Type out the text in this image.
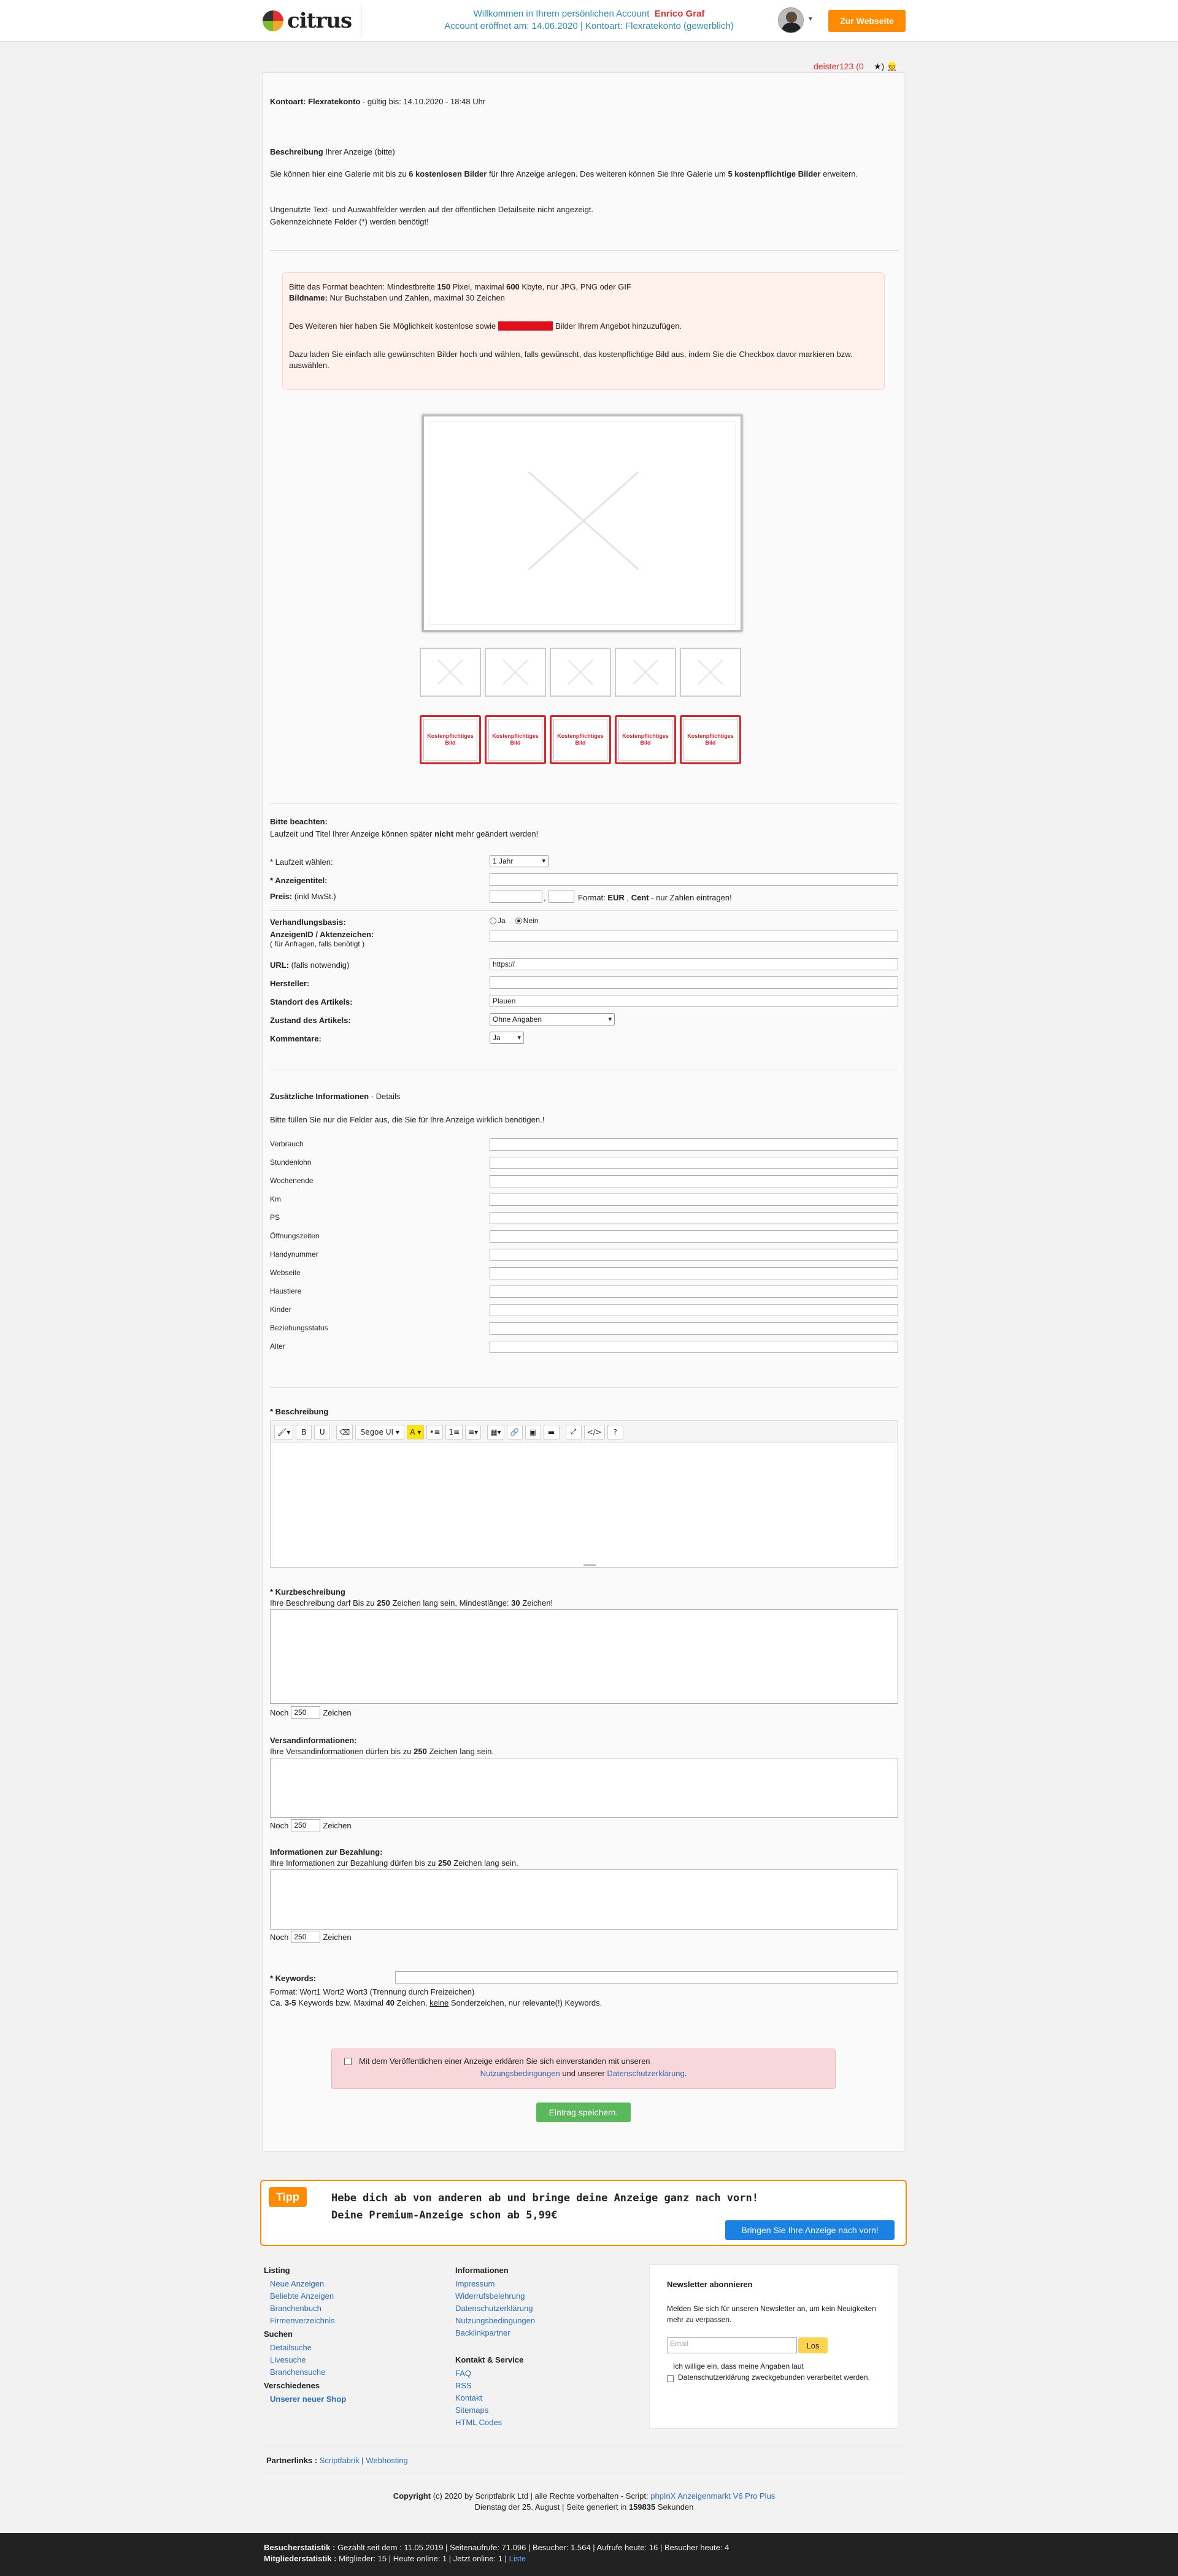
citrus	Willkommen in Ihrem persönlichen Account Enrico Graf
Account eröffnet am: 14.06.2020 | Kontoart: Flexratekonto (gewerblich)
▼	Zur Webseite
deister123 (0 ★) 👷
Kontoart: Flexratekonto - gültig bis: 14.10.2020 - 18:48 Uhr
Beschreibung Ihrer Anzeige (bitte)
Sie können hier eine Galerie mit bis zu 6 kostenlosen Bilder für Ihre Anzeige anlegen. Des weiteren können Sie Ihre Galerie um 5 kostenpflichtige Bilder erweitern.
Ungenutzte Text- und Auswahlfelder werden auf der öffentlichen Detailseite nicht angezeigt.
Gekennzeichnete Felder (*) werden benötigt!
Bitte das Format beachten: Mindestbreite 150 Pixel, maximal 600 Kbyte, nur JPG, PNG oder GIF
Bildname: Nur Buchstaben und Zahlen, maximal 30 Zeichen
Des Weiteren hier haben Sie Möglichkeit kostenlose sowie kostenpflichtige Bilder Ihrem Angebot hinzuzufügen.
Dazu laden Sie einfach alle gewünschten Bilder hoch und wählen, falls gewünscht, das kostenpflichtige Bild aus, indem Sie die Checkbox davor markieren bzw. auswählen.
Kostenpflichtiges Bild
Kostenpflichtiges Bild
Kostenpflichtiges Bild
Kostenpflichtiges Bild
Kostenpflichtiges Bild
Bitte beachten:
Laufzeit und Titel Ihrer Anzeige können später nicht mehr geändert werden!
* Laufzeit wählen:	1 Jahr ▾
* Anzeigentitel:
Preis: (inkl MwSt.)	,	Format: EUR , Cent - nur Zahlen eintragen!
Verhandlungsbasis:	Ja Nein
AnzeigenID / Aktenzeichen:
( für Anfragen, falls benötigt )
URL: (falls notwendig)	https://
Hersteller:
Standort des Artikels:	Plauen
Zustand des Artikels:	Ohne Angaben ▾
Kommentare:	Ja ▾
Zusätzliche Informationen - Details
Bitte füllen Sie nur die Felder aus, die Sie für Ihre Anzeige wirklich benötigen.!
Verbrauch
Stundenlohn
Wochenende
Km
PS
Öffnungszeiten
Handynummer
Webseite
Haustiere
Kinder
Beziehungsstatus
Alter
* Beschreibung
🖌▾	B	U	⌫	Segoe UI ▾	A ▾	•≡	1≡	≡▾	▦▾	🔗	▣	▬	⤢	</>	?
* Kurzbeschreibung
Ihre Beschreibung darf Bis zu 250 Zeichen lang sein, Mindestlänge: 30 Zeichen!
Noch 250	Zeichen
Versandinformationen:
Ihre Versandinformationen dürfen bis zu 250 Zeichen lang sein.
Noch 250	Zeichen
Informationen zur Bezahlung:
Ihre Informationen zur Bezahlung dürfen bis zu 250 Zeichen lang sein.
Noch 250	Zeichen
* Keywords:
Format: Wort1 Wort2 Wort3 (Trennung durch Freizeichen)
Ca. 3-5 Keywords bzw. Maximal 40 Zeichen, keine Sonderzeichen, nur relevante(!) Keywords.
Mit dem Veröffentlichen einer Anzeige erklären Sie sich einverstanden mit unseren
Nutzungsbedingungen und unserer Datenschutzerklärung.
Eintrag speichern.
Tipp	Hebe dich ab von anderen ab und bringe deine Anzeige ganz nach vorn!
Deine Premium-Anzeige schon ab 5,99€
Bringen Sie Ihre Anzeige nach vorn!
Listing
Neue Anzeigen
Beliebte Anzeigen
Branchenbuch
Firmenverzeichnis
Suchen
Detailsuche
Livesuche
Branchensuche
Verschiedenes
Unserer neuer Shop
Informationen
Impressum
Widerrufsbelehrung
Datenschutzerklärung
Nutzungsbedingungen
Backlinkpartner
Kontakt & Service
FAQ
RSS
Kontakt
Sitemaps
HTML Codes
Newsletter abonnieren
Melden Sie sich für unseren Newsletter an, um kein Neuigkeiten mehr zu verpassen.
Email	Los
Ich willige ein, dass meine Angaben laut Datenschutzerklärung zweckgebunden verarbeitet werden.
Partnerlinks : Scriptfabrik | Webhosting
Copyright (c) 2020 by Scriptfabrik Ltd | alle Rechte vorbehalten - Script: phpInX Anzeigenmarkt V6 Pro Plus
Dienstag der 25. August | Seite generiert in 159835 Sekunden
Besucherstatistik : Gezählt seit dem : 11.05.2019 | Seitenaufrufe: 71.096 | Besucher: 1.564 | Aufrufe heute: 16 | Besucher heute: 4
Mitgliederstatistik : Mitglieder: 15 | Heute online: 1 | Jetzt online: 1 | Liste
